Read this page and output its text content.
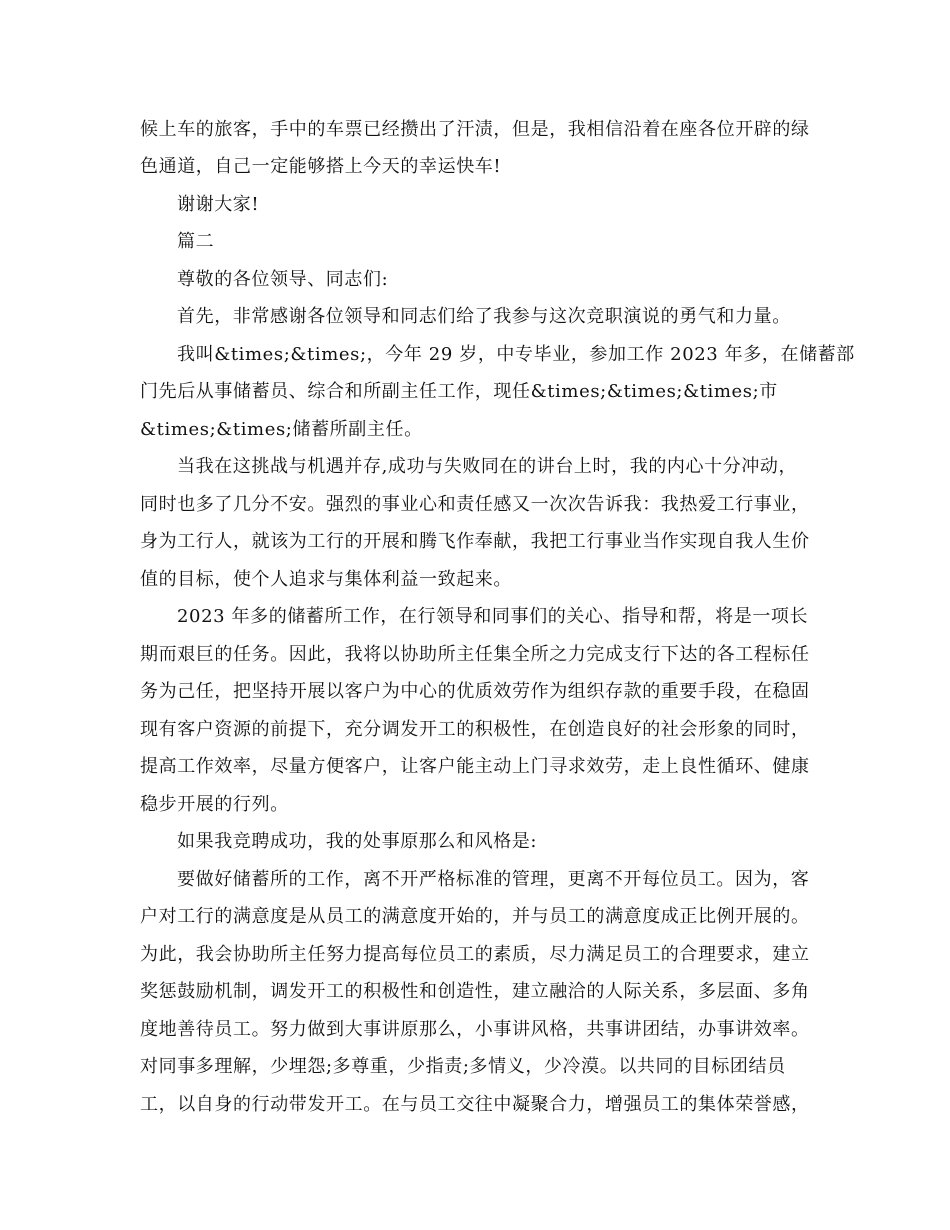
候上车的旅客，手中的车票已经攒出了汗渍，但是，我相信沿着在座各位开辟的绿
色通道，自己一定能够搭上今天的幸运快车!
谢谢大家!
篇二
尊敬的各位领导、同志们:
首先，非常感谢各位领导和同志们给了我参与这次竞职演说的勇气和力量。
我叫&times;&times;，今年 29 岁，中专毕业，参加工作 2023 年多，在储蓄部
门先后从事储蓄员、综合和所副主任工作，现任&times;&times;&times;市
&times;&times;储蓄所副主任。
当我在这挑战与机遇并存,成功与失败同在的讲台上时，我的内心十分冲动，
同时也多了几分不安。强烈的事业心和责任感又一次次告诉我：我热爱工行事业，
身为工行人，就该为工行的开展和腾飞作奉献，我把工行事业当作实现自我人生价
值的目标，使个人追求与集体利益一致起来。
2023 年多的储蓄所工作，在行领导和同事们的关心、指导和帮，将是一项长
期而艰巨的任务。因此，我将以协助所主任集全所之力完成支行下达的各工程标任
务为己任，把坚持开展以客户为中心的优质效劳作为组织存款的重要手段，在稳固
现有客户资源的前提下，充分调发开工的积极性，在创造良好的社会形象的同时，
提高工作效率，尽量方便客户，让客户能主动上门寻求效劳，走上良性循环、健康
稳步开展的行列。
如果我竞聘成功，我的处事原那么和风格是:
要做好储蓄所的工作，离不开严格标准的管理，更离不开每位员工。因为，客
户对工行的满意度是从员工的满意度开始的，并与员工的满意度成正比例开展的。
为此，我会协助所主任努力提高每位员工的素质，尽力满足员工的合理要求，建立
奖惩鼓励机制，调发开工的积极性和创造性，建立融洽的人际关系，多层面、多角
度地善待员工。努力做到大事讲原那么，小事讲风格，共事讲团结，办事讲效率。
对同事多理解，少埋怨;多尊重，少指责;多情义，少冷漠。以共同的目标团结员
工，以自身的行动带发开工。在与员工交往中凝聚合力，增强员工的集体荣誉感，
